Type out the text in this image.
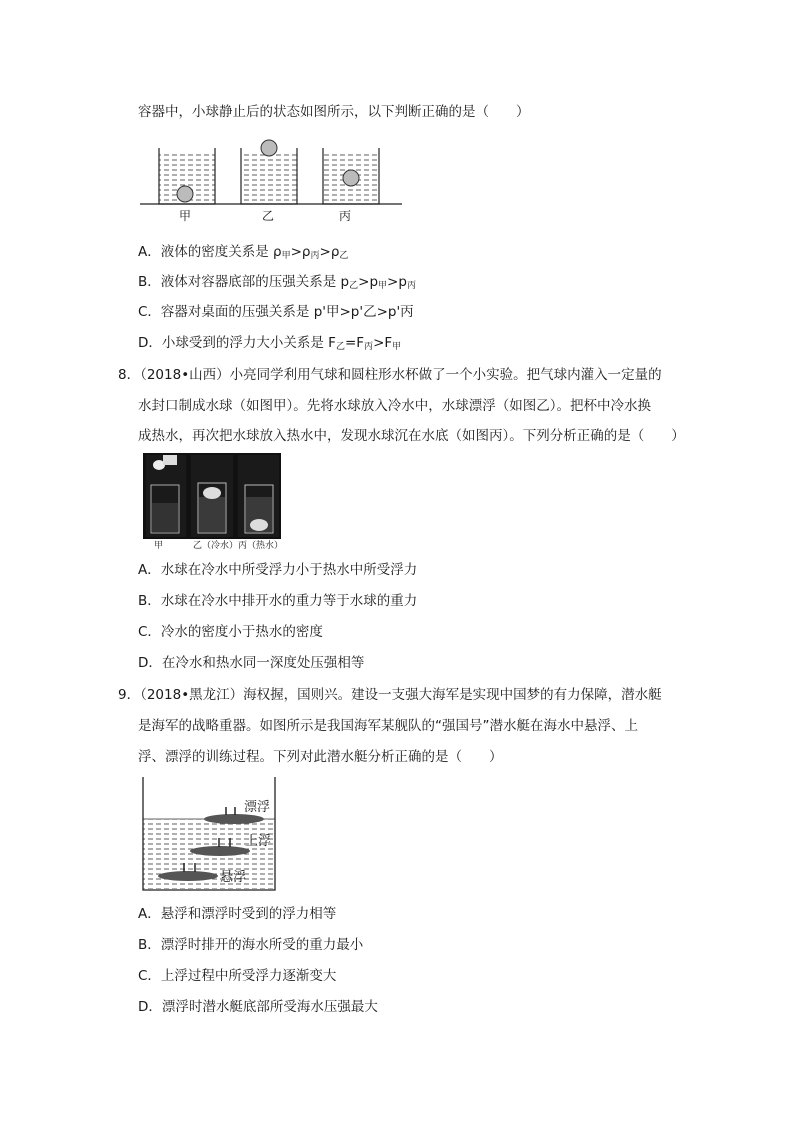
容器中，小球静止后的状态如图所示，以下判断正确的是（　　）
甲	乙	丙
A．液体的密度关系是 $\rho_甲>\rho_丙>\rho_乙$
B．液体对容器底部的压强关系是 $p_乙>p_甲>p_丙$
C．容器对桌面的压强关系是 p'甲>p'乙>p'丙
D．小球受到的浮力大小关系是 $F_乙=F_丙>F_甲$
8．（2018•山西）小亮同学利用气球和圆柱形水杯做了一个小实验。把气球内灌入一定量的
水封口制成水球（如图甲）。先将水球放入冷水中，水球漂浮（如图乙）。把杯中冷水换
成热水，再次把水球放入热水中，发现水球沉在水底（如图丙）。下列分析正确的是（　　）
甲	乙（冷水） 丙（热水）
A．水球在冷水中所受浮力小于热水中所受浮力
B．水球在冷水中排开水的重力等于水球的重力
C．冷水的密度小于热水的密度
D．在冷水和热水同一深度处压强相等
9．（2018•黑龙江）海权握，国则兴。建设一支强大海军是实现中国梦的有力保障，潜水艇
是海军的战略重器。如图所示是我国海军某舰队的“强国号”潜水艇在海水中悬浮、上
浮、漂浮的训练过程。下列对此潜水艇分析正确的是（　　）
漂浮
上浮
悬浮
A．悬浮和漂浮时受到的浮力相等
B．漂浮时排开的海水所受的重力最小
C．上浮过程中所受浮力逐渐变大
D．漂浮时潜水艇底部所受海水压强最大
